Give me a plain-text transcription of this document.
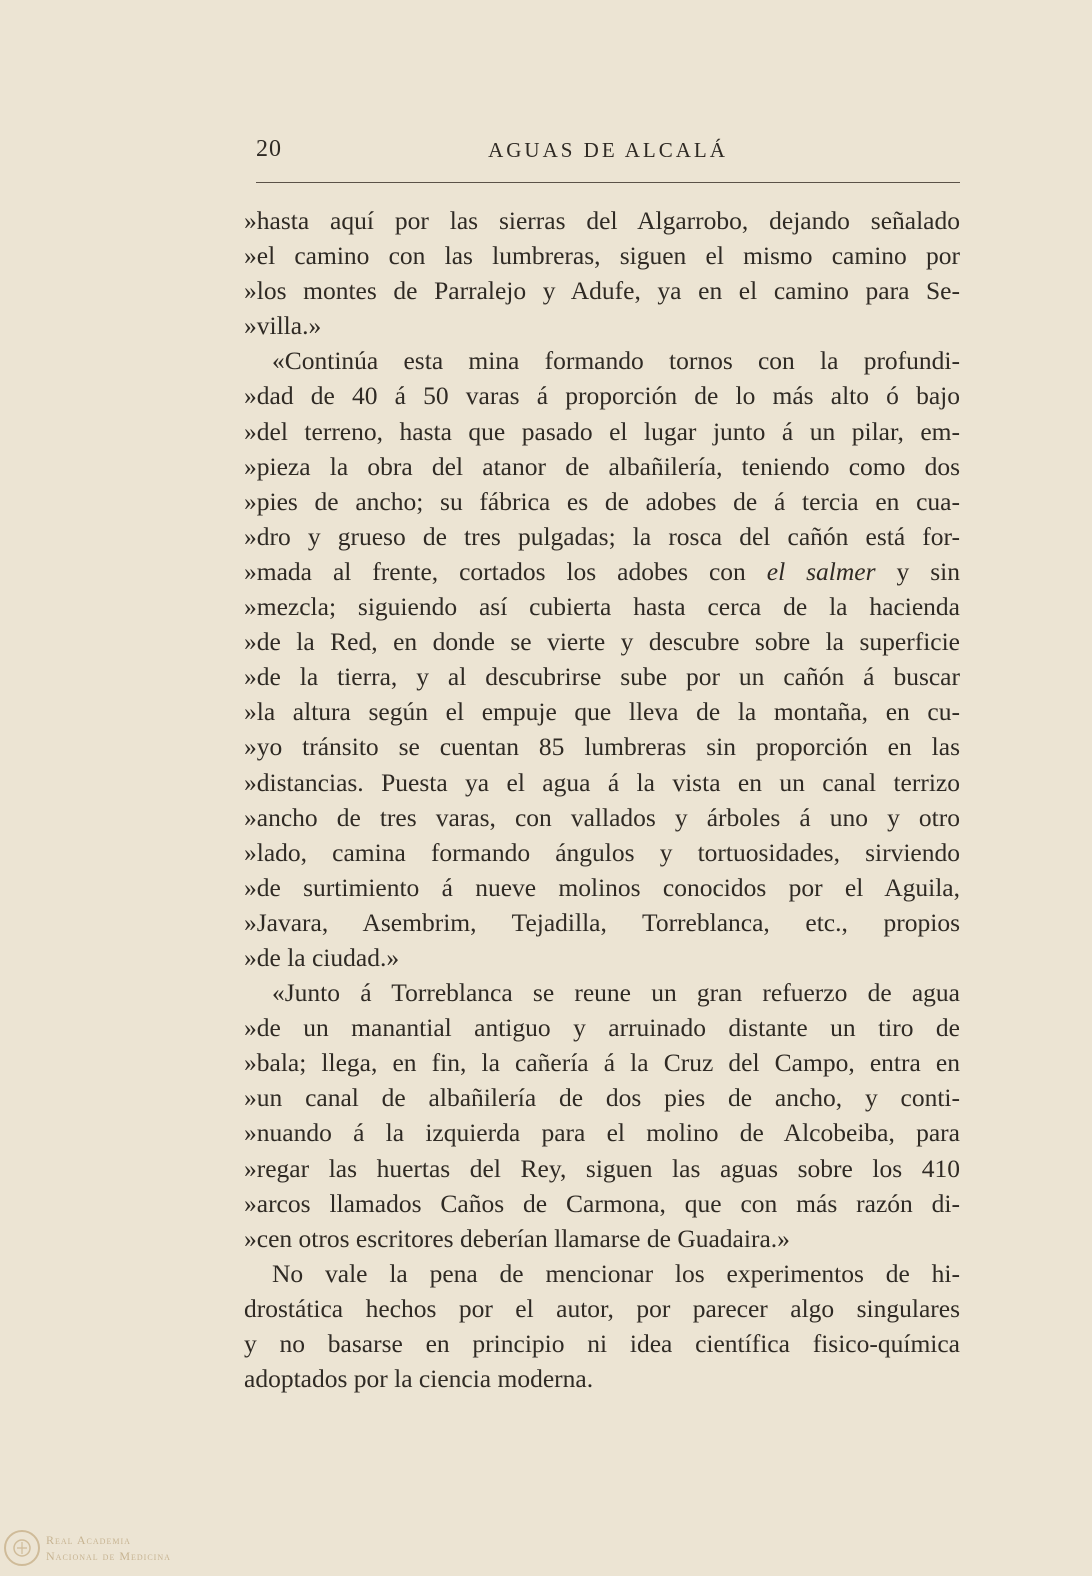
20	AGUAS DE ALCALÁ
»hasta aquí por las sierras del Algarrobo, dejando señalado
»el camino con las lumbreras, siguen el mismo camino por
»los montes de Parralejo y Adufe, ya en el camino para Se-
»villa.»
«Continúa esta mina formando tornos con la profundi-
»dad de 40 á 50 varas á proporción de lo más alto ó bajo
»del terreno, hasta que pasado el lugar junto á un pilar, em-
»pieza la obra del atanor de albañilería, teniendo como dos
»pies de ancho; su fábrica es de adobes de á tercia en cua-
»dro y grueso de tres pulgadas; la rosca del cañón está for-
»mada al frente, cortados los adobes con el salmer y sin
»mezcla; siguiendo así cubierta hasta cerca de la hacienda
»de la Red, en donde se vierte y descubre sobre la superficie
»de la tierra, y al descubrirse sube por un cañón á buscar
»la altura según el empuje que lleva de la montaña, en cu-
»yo tránsito se cuentan 85 lumbreras sin proporción en las
»distancias. Puesta ya el agua á la vista en un canal terrizo
»ancho de tres varas, con vallados y árboles á uno y otro
»lado, camina formando ángulos y tortuosidades, sirviendo
»de surtimiento á nueve molinos conocidos por el Aguila,
»Javara, Asembrim, Tejadilla, Torreblanca, etc., propios
»de la ciudad.»
«Junto á Torreblanca se reune un gran refuerzo de agua
»de un manantial antiguo y arruinado distante un tiro de
»bala; llega, en fin, la cañería á la Cruz del Campo, entra en
»un canal de albañilería de dos pies de ancho, y conti-
»nuando á la izquierda para el molino de Alcobeiba, para
»regar las huertas del Rey, siguen las aguas sobre los 410
»arcos llamados Caños de Carmona, que con más razón di-
»cen otros escritores deberían llamarse de Guadaira.»
No vale la pena de mencionar los experimentos de hi-
drostática hechos por el autor, por parecer algo singulares
y no basarse en principio ni idea científica fisico-química
adoptados por la ciencia moderna.
Real Academia
Nacional de Medicina
